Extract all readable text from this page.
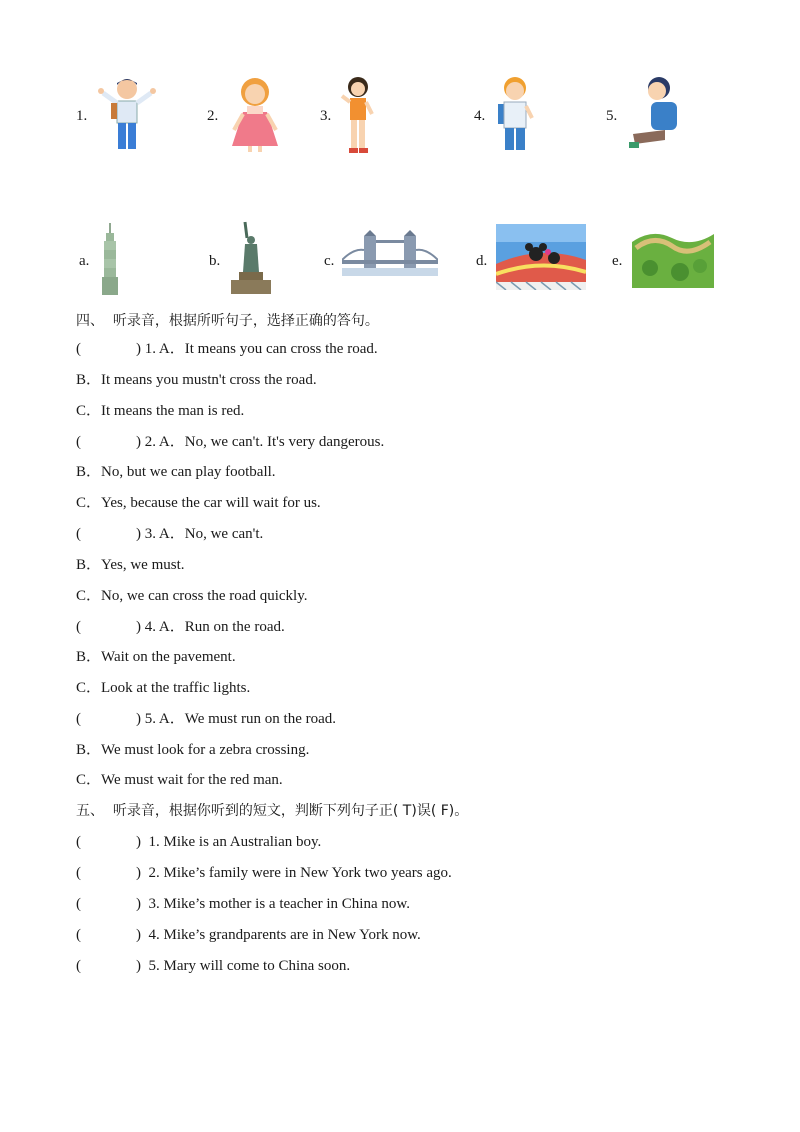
1.	2.	3.	4.	5.
a.	b.	c.	d.	e.
四、  听录音，根据所听句子，选择正确的答句。
(	) 1. A．It means you can cross the road.
B．It means you mustn't cross the road.
C．It means the man is red.
(	) 2. A．No, we can't. It's very dangerous.
B．No, but we can play football.
C．Yes, because the car will wait for us.
(	) 3. A．No, we can't.
B．Yes, we must.
C．No, we can cross the road quickly.
(	) 4. A．Run on the road.
B．Wait on the pavement.
C．Look at the traffic lights.
(	) 5. A．We must run on the road.
B．We must look for a zebra crossing.
C．We must wait for the red man.
五、  听录音，根据你听到的短文，判断下列句子正( T)误( F)。
(	)  1. Mike is an Australian boy.
(	)  2. Mike’s family were in New York two years ago.
(	)  3. Mike’s mother is a teacher in China now.
(	)  4. Mike’s grandparents are in New York now.
(	)  5. Mary will come to China soon.
